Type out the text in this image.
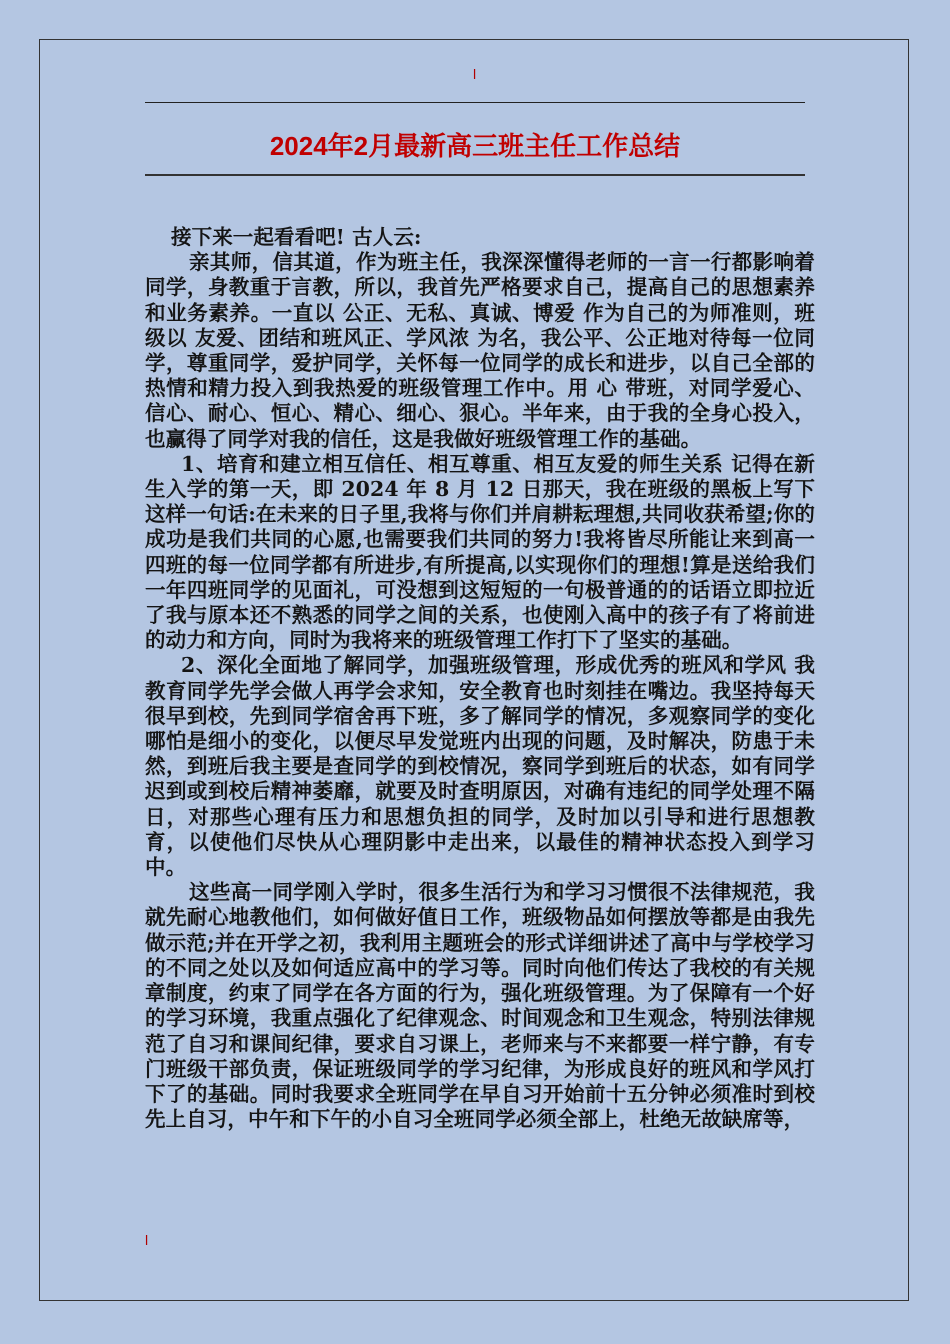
l
2024年2月最新高三班主任工作总结

接下来一起看看吧! 古人云:

亲其师，信其道，作为班主任，我深深懂得老师的一言一行都影响着同学，身教重于言教，所以，我首先严格要求自己，提高自己的思想素养和业务素养。一直以 公正、无私、真诚、博爱 作为自己的为师准则，班级以 友爱、团结和班风正、学风浓 为名，我公平、公正地对待每一位同学，尊重同学，爱护同学，关怀每一位同学的成长和进步，以自己全部的热情和精力投入到我热爱的班级管理工作中。用 心 带班，对同学爱心、信心、耐心、恒心、精心、细心、狠心。半年来，由于我的全身心投入，也赢得了同学对我的信任，这是我做好班级管理工作的基础。

1、培育和建立相互信任、相互尊重、相互友爱的师生关系 记得在新生入学的第一天，即 2024 年 8 月 12 日那天，我在班级的黑板上写下这样一句话:在未来的日子里,我将与你们并肩耕耘理想,共同收获希望;你的成功是我们共同的心愿,也需要我们共同的努力!我将皆尽所能让来到高一四班的每一位同学都有所进步,有所提高,以实现你们的理想!算是送给我们一年四班同学的见面礼，可没想到这短短的一句极普通的的话语立即拉近了我与原本还不熟悉的同学之间的关系，也使刚入高中的孩子有了将前进的动力和方向，同时为我将来的班级管理工作打下了坚实的基础。

2、深化全面地了解同学，加强班级管理，形成优秀的班风和学风 我教育同学先学会做人再学会求知，安全教育也时刻挂在嘴边。我坚持每天很早到校，先到同学宿舍再下班，多了解同学的情况，多观察同学的变化哪怕是细小的变化，以便尽早发觉班内出现的问题，及时解决，防患于未然，到班后我主要是查同学的到校情况，察同学到班后的状态，如有同学迟到或到校后精神萎靡，就要及时查明原因，对确有违纪的同学处理不隔日，对那些心理有压力和思想负担的同学，及时加以引导和进行思想教育，以使他们尽快从心理阴影中走出来，以最佳的精神状态投入到学习中。

这些高一同学刚入学时，很多生活行为和学习习惯很不法律规范，我就先耐心地教他们，如何做好值日工作，班级物品如何摆放等都是由我先做示范;并在开学之初，我利用主题班会的形式详细讲述了高中与学校学习的不同之处以及如何适应高中的学习等。同时向他们传达了我校的有关规章制度，约束了同学在各方面的行为，强化班级管理。为了保障有一个好的学习环境，我重点强化了纪律观念、时间观念和卫生观念，特别法律规范了自习和课间纪律，要求自习课上，老师来与不来都要一样宁静，有专门班级干部负责，保证班级同学的学习纪律，为形成良好的班风和学风打下了的基础。同时我要求全班同学在早自习开始前十五分钟必须准时到校先上自习，中午和下午的小自习全班同学必须全部上，杜绝无故缺席等，

l
